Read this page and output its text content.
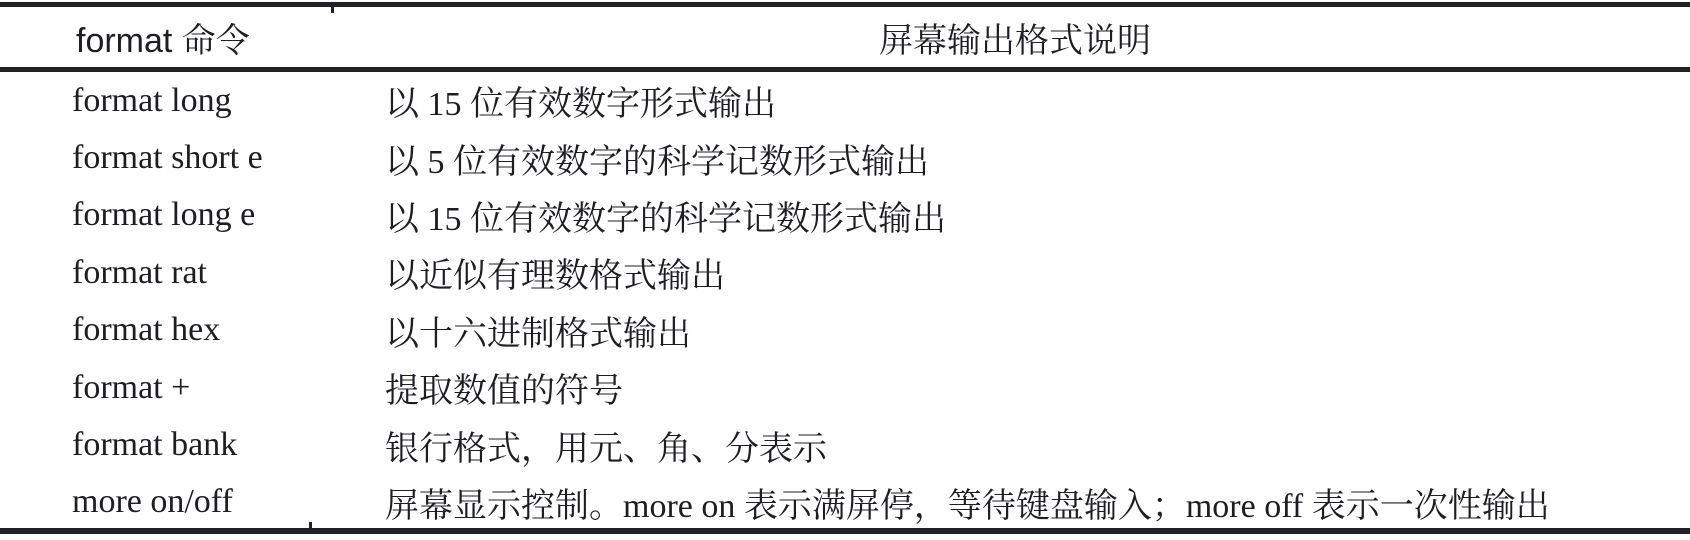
format 命令	屏幕输出格式说明
format long	以 15 位有效数字形式输出
format short e	以 5 位有效数字的科学记数形式输出
format long e	以 15 位有效数字的科学记数形式输出
format rat	以近似有理数格式输出
format hex	以十六进制格式输出
format +	提取数值的符号
format bank	银行格式，用元、角、分表示
more on/off	屏幕显示控制。more on 表示满屏停，等待键盘输入；more off 表示一次性输出
